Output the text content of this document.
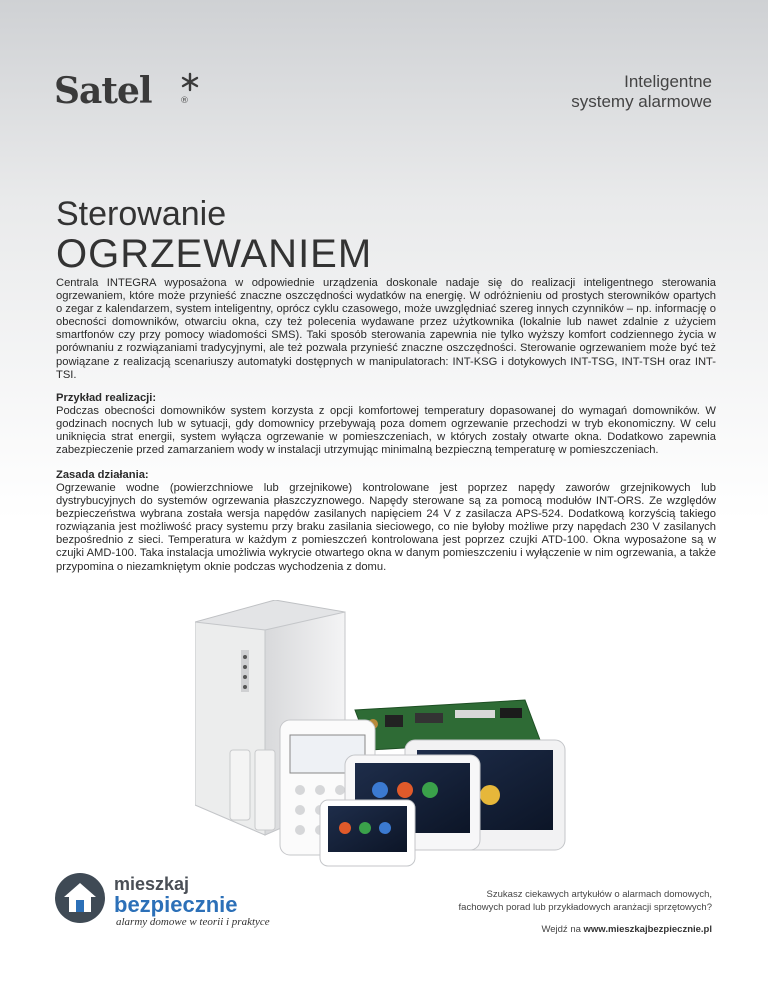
Satel	®
Inteligentne
systemy alarmowe
Sterowanie
OGRZEWANIEM

Centrala INTEGRA wyposażona w odpowiednie urządzenia doskonale nadaje się do realizacji inteligentnego sterowania ogrzewaniem, które może przynieść znaczne oszczędności wydatków na energię. W odróżnieniu od prostych sterowników opartych o zegar z kalendarzem, system inteligentny, oprócz cyklu czasowego, może uwzględniać szereg innych czynników – np. informację o obecności domowników, otwarciu okna, czy też polecenia wydawane przez użytkownika (lokalnie lub nawet zdalnie z użyciem smartfonów czy przy pomocy wiadomości SMS). Taki sposób sterowania zapewnia nie tylko wyższy komfort codziennego życia w porównaniu z rozwiązaniami tradycyjnymi, ale też pozwala przynieść znaczne oszczędności. Sterowanie ogrzewaniem może być też powiązane z realizacją scenariuszy automatyki dostępnych w manipulatorach: INT-KSG i dotykowych INT-TSG, INT-TSH oraz INT-TSI.

Przykład realizacji:

Podczas obecności domowników system korzysta z opcji komfortowej temperatury dopasowanej do wymagań domowników. W godzinach nocnych lub w sytuacji, gdy domownicy przebywają poza domem ogrzewanie przechodzi w tryb ekonomiczny. W celu uniknięcia strat energii, system wyłącza ogrzewanie w pomieszczeniach, w których zostały otwarte okna. Dodatkowo zapewnia zabezpieczenie przed zamarzaniem wody w instalacji utrzymując minimalną bezpieczną temperaturę w pomieszczeniach.

Zasada działania:

Ogrzewanie wodne (powierzchniowe lub grzejnikowe) kontrolowane jest poprzez napędy zaworów grzejnikowych lub dystrybucyjnych do systemów ogrzewania płaszczyznowego. Napędy sterowane są za pomocą modułów INT-ORS. Ze względów bezpieczeństwa wybrana została wersja napędów zasilanych napięciem 24 V z zasilacza APS-524. Dodatkową korzyścią takiego rozwiązania jest możliwość pracy systemu przy braku zasilania sieciowego, co nie byłoby możliwe przy napędach 230 V zasilanych bezpośrednio z sieci. Temperatura w każdym z pomieszczeń kontrolowana jest poprzez czujki ATD-100. Okna wyposażone są w czujki AMD-100. Taka instalacja umożliwia wykrycie otwartego okna w danym pomieszczeniu i wyłączenie w nim ogrzewania, a także przypomina o niezamkniętym oknie podczas wychodzenia z domu.

mieszkaj
bezpiecznie
alarmy domowe w teorii i praktyce
Szukasz ciekawych artykułów o alarmach domowych,
fachowych porad lub przykładowych aranżacji sprzętowych?
Wejdź na www.mieszkajbezpiecznie.pl
